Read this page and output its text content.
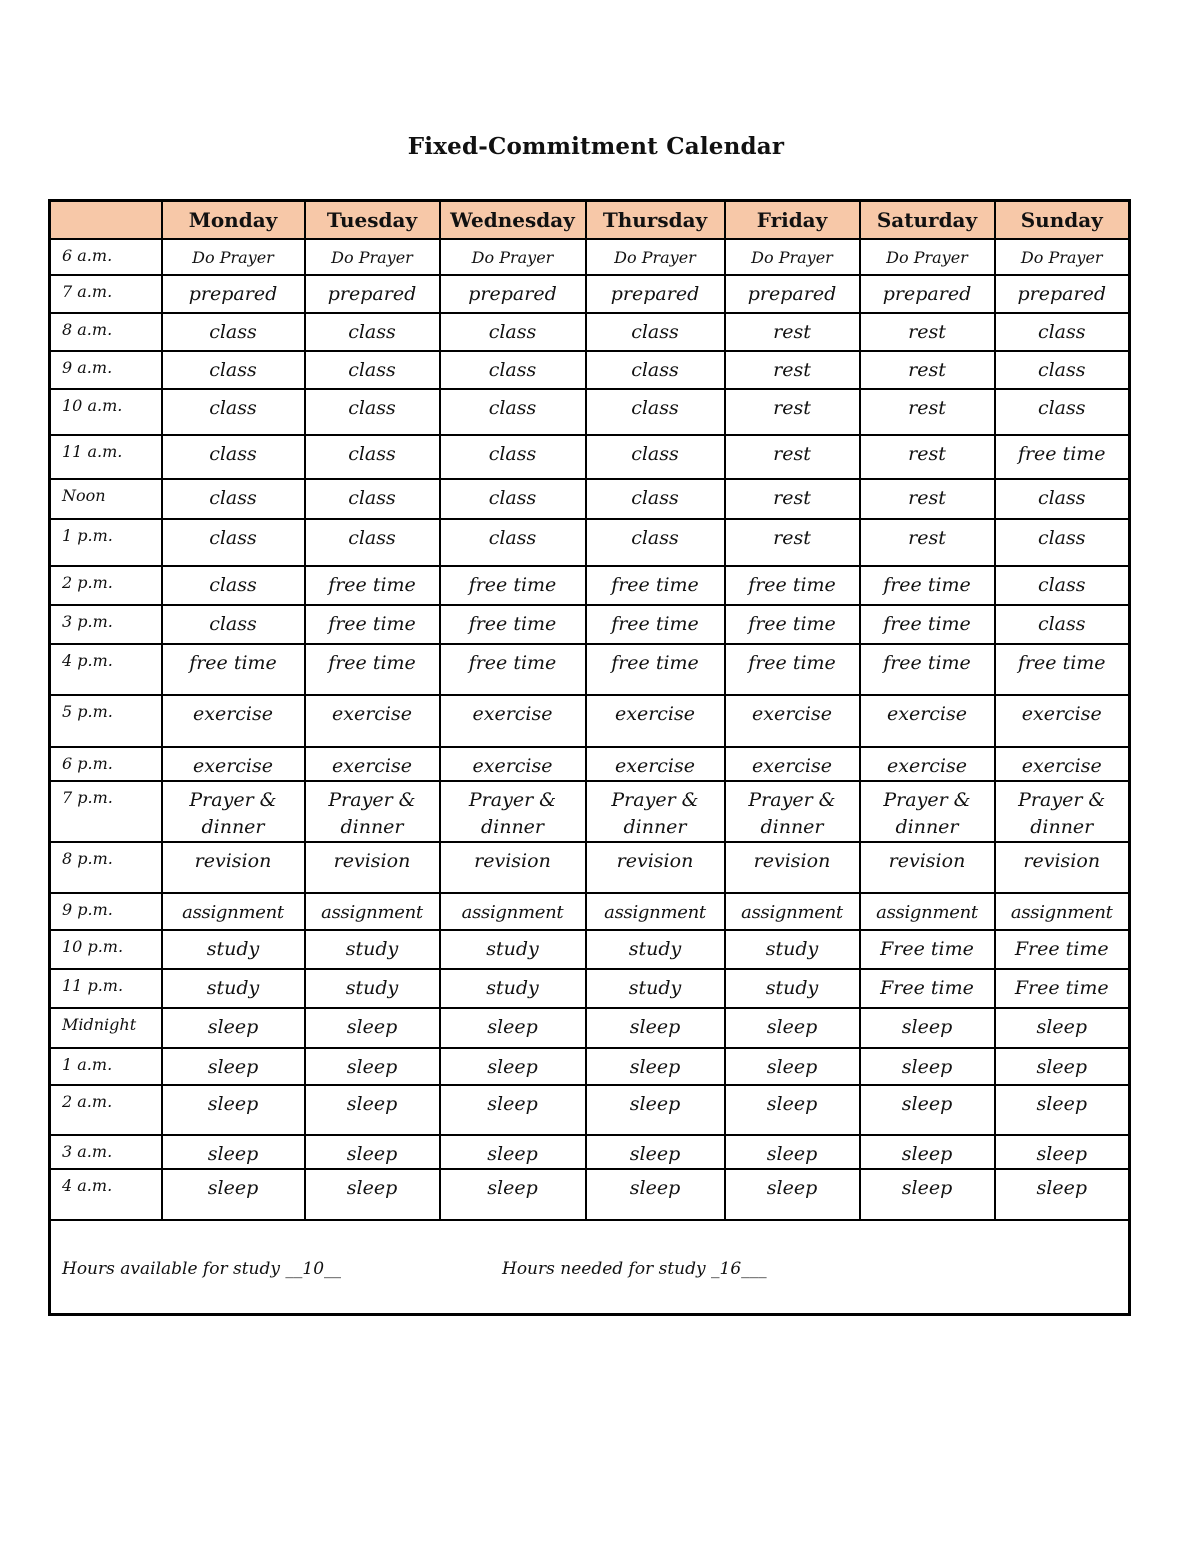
Fixed-Commitment Calendar
	Monday	Tuesday	Wednesday	Thursday	Friday	Saturday	Sunday
6 a.m.	Do Prayer	Do Prayer	Do Prayer	Do Prayer	Do Prayer	Do Prayer	Do Prayer
7 a.m.	prepared	prepared	prepared	prepared	prepared	prepared	prepared
8 a.m.	class	class	class	class	rest	rest	class
9 a.m.	class	class	class	class	rest	rest	class
10 a.m.	class	class	class	class	rest	rest	class
11 a.m.	class	class	class	class	rest	rest	free time
Noon	class	class	class	class	rest	rest	class
1 p.m.	class	class	class	class	rest	rest	class
2 p.m.	class	free time	free time	free time	free time	free time	class
3 p.m.	class	free time	free time	free time	free time	free time	class
4 p.m.	free time	free time	free time	free time	free time	free time	free time
5 p.m.	exercise	exercise	exercise	exercise	exercise	exercise	exercise
6 p.m.	exercise	exercise	exercise	exercise	exercise	exercise	exercise
7 p.m.	Prayer & dinner	Prayer & dinner	Prayer & dinner	Prayer & dinner	Prayer & dinner	Prayer & dinner	Prayer & dinner
8 p.m.	revision	revision	revision	revision	revision	revision	revision
9 p.m.	assignment	assignment	assignment	assignment	assignment	assignment	assignment
10 p.m.	study	study	study	study	study	Free time	Free time
11 p.m.	study	study	study	study	study	Free time	Free time
Midnight	sleep	sleep	sleep	sleep	sleep	sleep	sleep
1 a.m.	sleep	sleep	sleep	sleep	sleep	sleep	sleep
2 a.m.	sleep	sleep	sleep	sleep	sleep	sleep	sleep
3 a.m.	sleep	sleep	sleep	sleep	sleep	sleep	sleep
4 a.m.	sleep	sleep	sleep	sleep	sleep	sleep	sleep

Hours available for study __10__ Hours needed for study _16___							
